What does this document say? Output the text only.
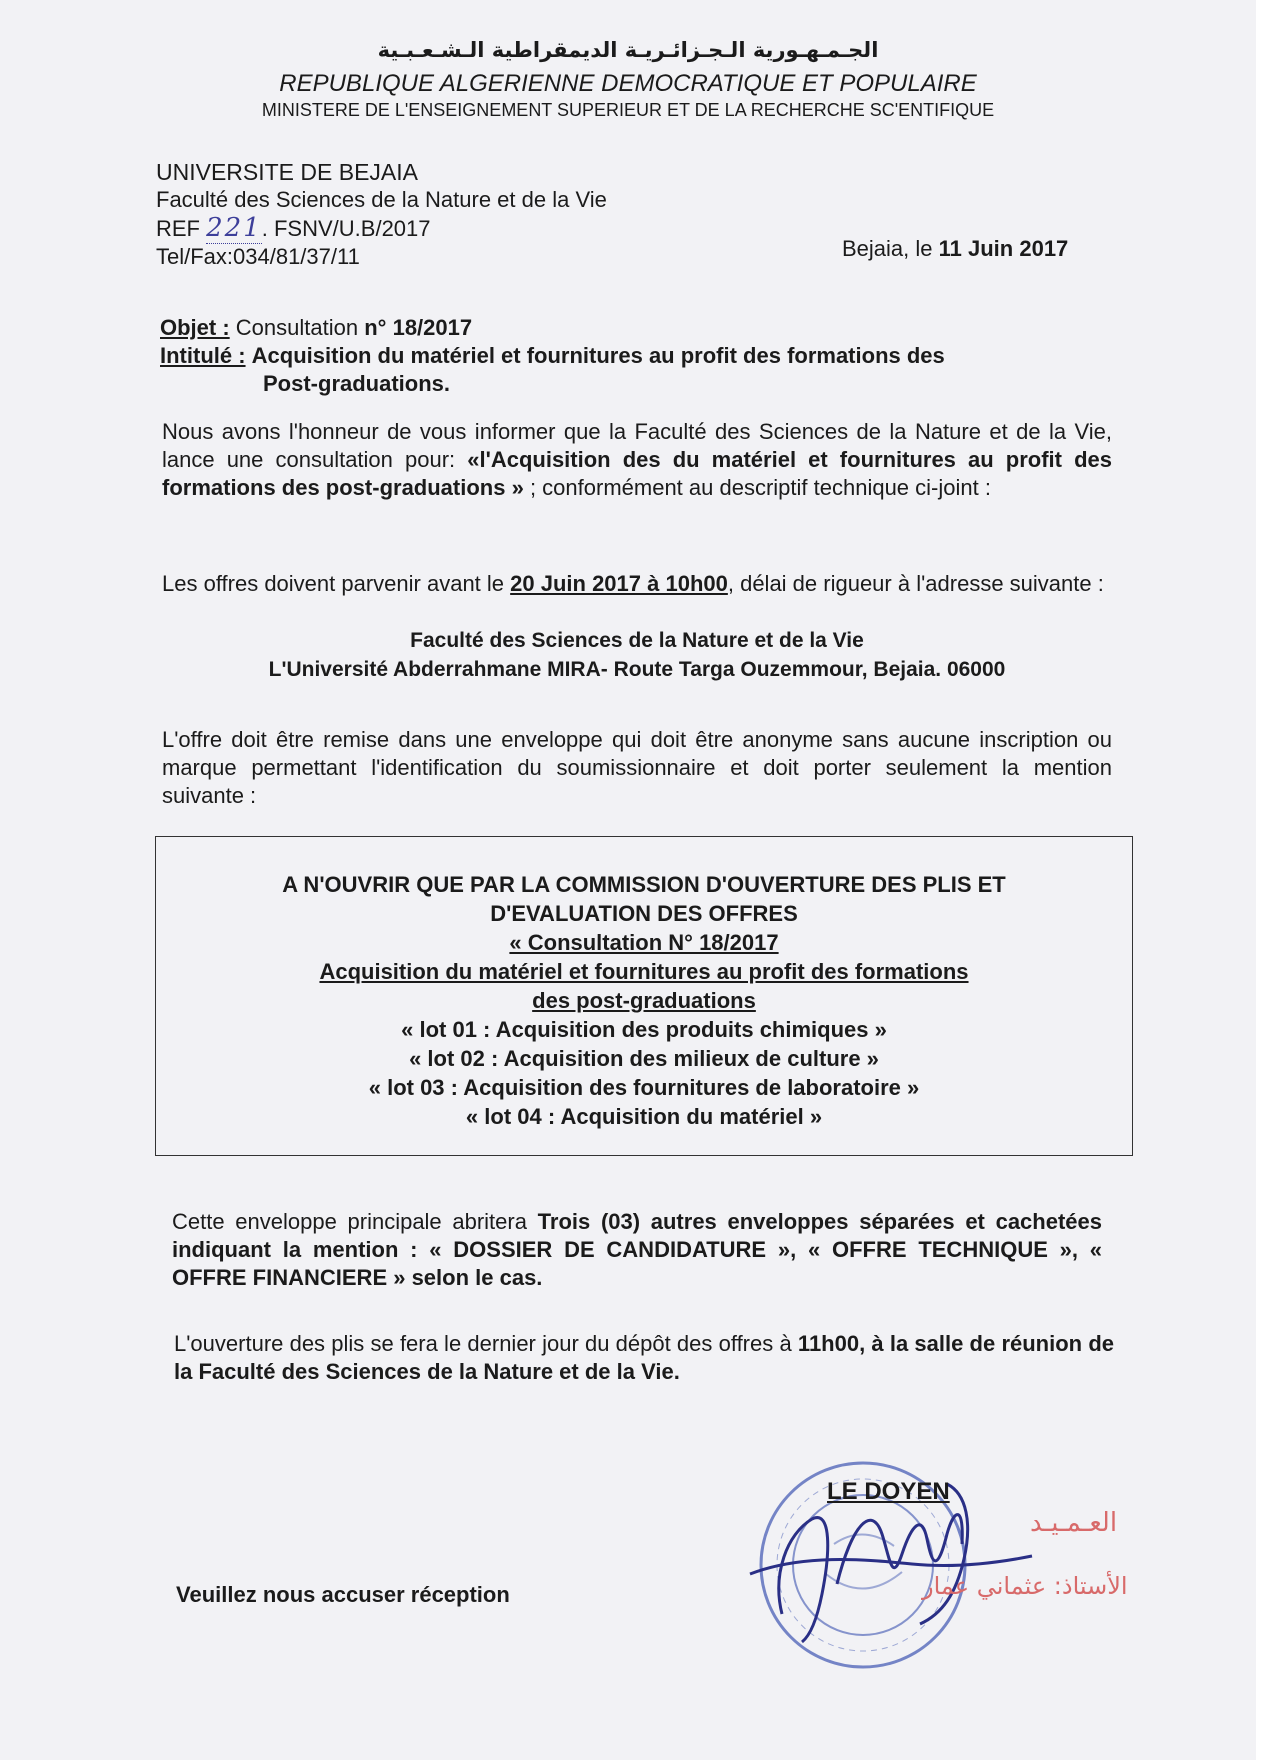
الجـمـهـورية الـجـزائـريـة الديمقراطية الـشـعـبـية
REPUBLIQUE ALGERIENNE DEMOCRATIQUE ET POPULAIRE
MINISTERE DE L'ENSEIGNEMENT SUPERIEUR ET DE LA RECHERCHE SC'ENTIFIQUE
UNIVERSITE DE BEJAIA
Faculté des Sciences de la Nature et de la Vie
REF 221. FSNV/U.B/2017
Tel/Fax:034/81/37/11	Bejaia, le 11 Juin 2017
Objet : Consultation n° 18/2017
Intitulé : Acquisition du matériel et fournitures au profit des formations des
Post-graduations.
Nous avons l'honneur de vous informer que la Faculté des Sciences de la Nature et de la Vie, lance une consultation pour: «l'Acquisition des du matériel et fournitures au profit des formations des post-graduations » ; conformément au descriptif technique ci-joint :
Les offres doivent parvenir avant le 20 Juin 2017 à 10h00, délai de rigueur à l'adresse suivante :
Faculté des Sciences de la Nature et de la Vie
L'Université Abderrahmane MIRA- Route Targa Ouzemmour, Bejaia. 06000
L'offre doit être remise dans une enveloppe qui doit être anonyme sans aucune inscription ou marque permettant l'identification du soumissionnaire et doit porter seulement la mention suivante :
A N'OUVRIR QUE PAR LA COMMISSION D'OUVERTURE DES PLIS ET
D'EVALUATION DES OFFRES
« Consultation N° 18/2017
Acquisition du matériel et fournitures au profit des formations
des post-graduations
« lot 01 : Acquisition des produits chimiques »
« lot 02 : Acquisition des milieux de culture »
« lot 03 : Acquisition des fournitures de laboratoire »
« lot 04 : Acquisition du matériel »
Cette enveloppe principale abritera Trois (03) autres enveloppes séparées et cachetées indiquant la mention : « DOSSIER DE CANDIDATURE », « OFFRE TECHNIQUE », « OFFRE FINANCIERE » selon le cas.
L'ouverture des plis se fera le dernier jour du dépôt des offres à 11h00, à la salle de réunion de la Faculté des Sciences de la Nature et de la Vie.
LE DOYEN
العـمـيـد
الأستاذ: عثماني عمار
Veuillez nous accuser réception
